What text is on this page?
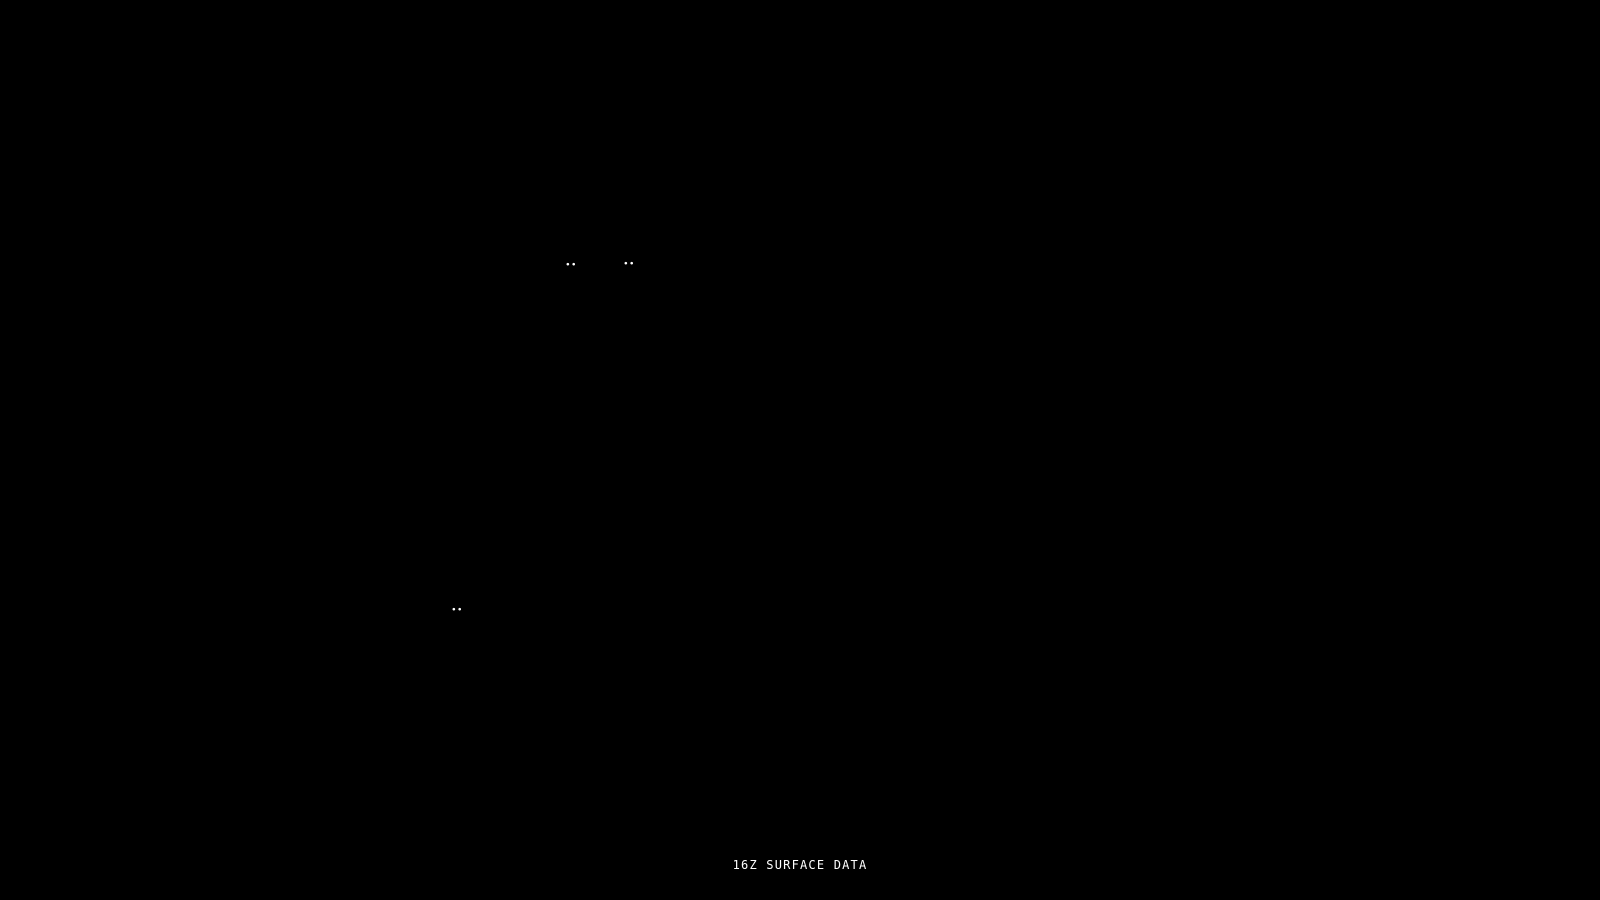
••	••
••
16Z SURFACE DATA
